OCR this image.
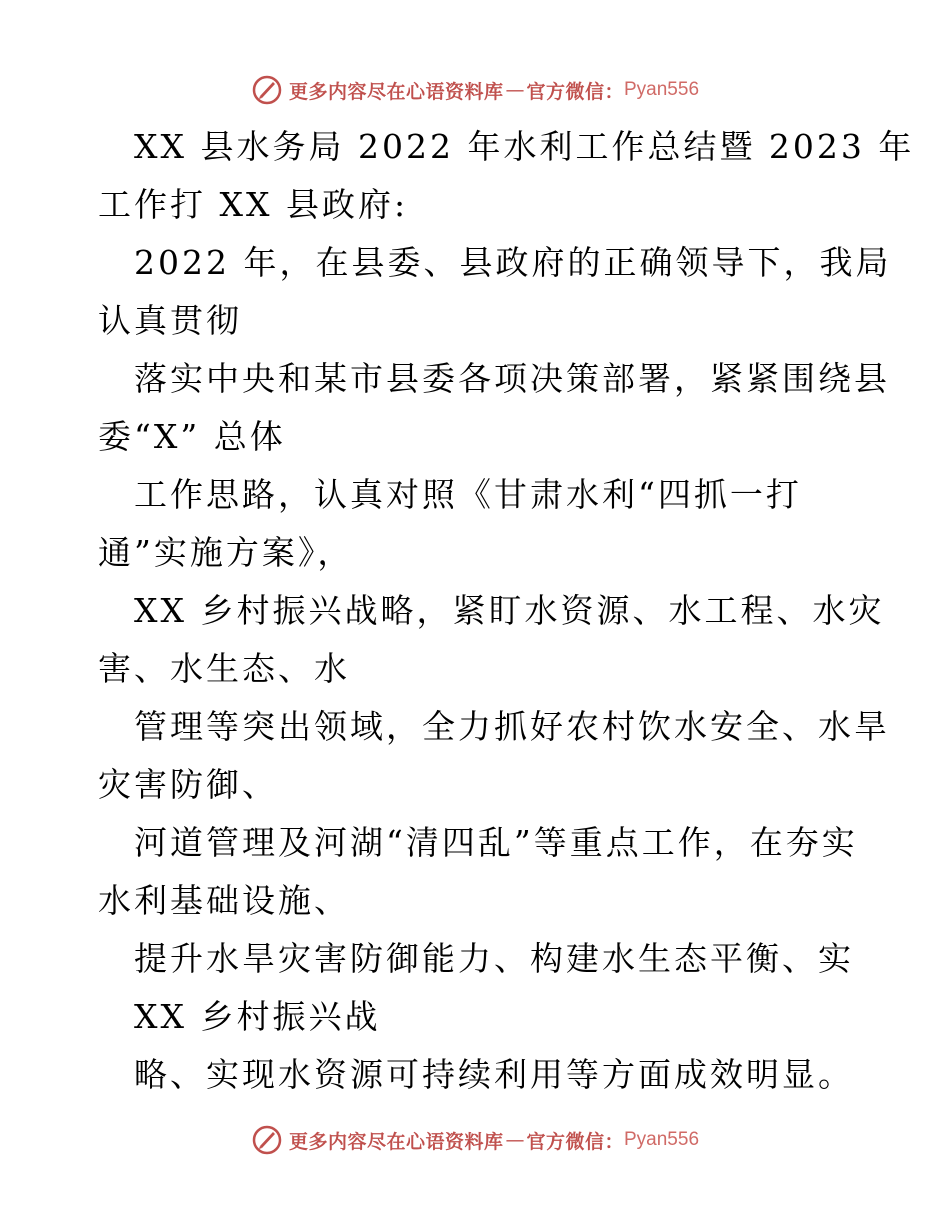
更多内容尽在心语资料库 — 官方微信： Pyan556
XX 县水务局 2022 年水利工作总结暨 2023 年
工作打 XX 县政府:
2022 年，在县委、县政府的正确领导下，我局
认真贯彻
落实中央和某市县委各项决策部署，紧紧围绕县
委“X” 总体
工作思路，认真对照《甘肃水利“四抓一打
通”实施方案》，
XX 乡村振兴战略，紧盯水资源、水工程、水灾
害、水生态、水
管理等突出领域，全力抓好农村饮水安全、水旱
灾害防御、
河道管理及河湖“清四乱”等重点工作，在夯实
水利基础设施、
提升水旱灾害防御能力、构建水生态平衡、实
XX 乡村振兴战
略、实现水资源可持续利用等方面成效明显。
更多内容尽在心语资料库 — 官方微信： Pyan556
